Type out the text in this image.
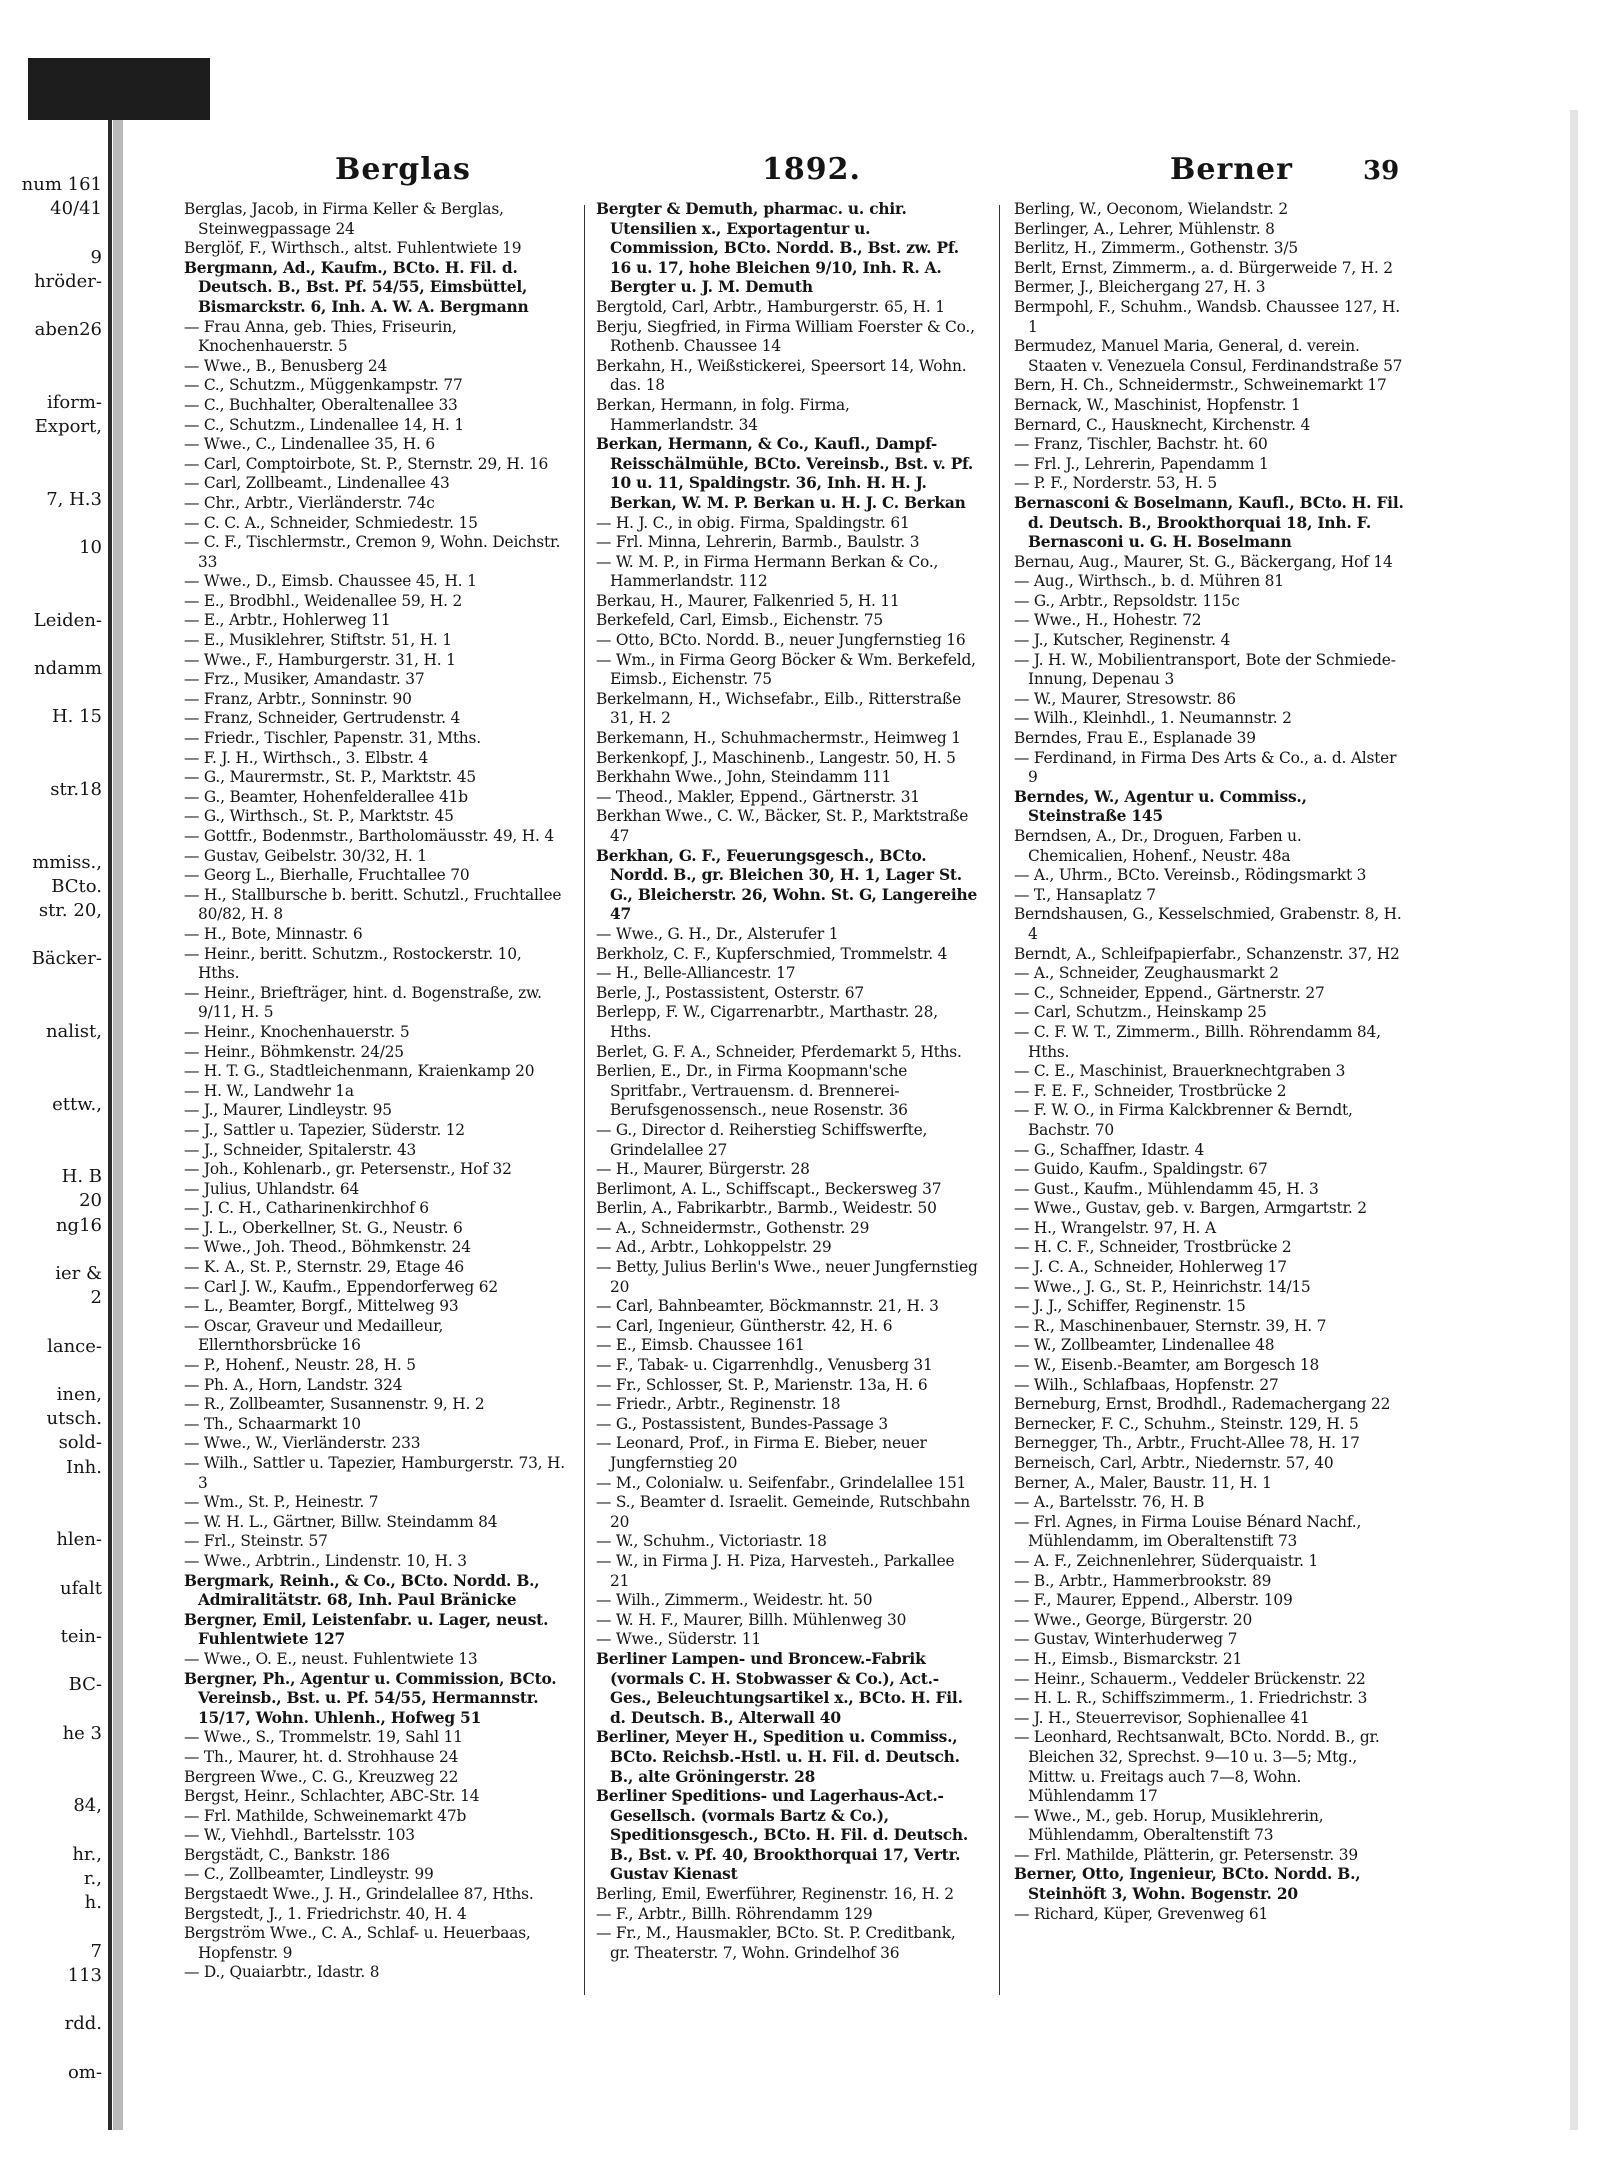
num 161
40/41
9
hröder-
aben26
iform-
Export,
7, H.3
10
Leiden-
ndamm
H. 15
str.18
mmiss.,
BCto.
str. 20,
Bäcker-
nalist,
ettw.,
H. B
20
ng16
ier &
2
lance-
inen,
utsch.
sold-
Inh.
hlen-
ufalt
tein-
BC-
he 3
84,
hr.,
r.,
h.
7
113
rdd.
om-
Berglas	1892.	Berner	39

Berglas, Jacob, in Firma Keller & Berglas, Steinwegpassage 24

Berglöf, F., Wirthsch., altst. Fuhlentwiete 19

Bergmann, Ad., Kaufm., BCto. H. Fil. d. Deutsch. B., Bst. Pf. 54/55, Eimsbüttel, Bismarckstr. 6, Inh. A. W. A. Bergmann

— Frau Anna, geb. Thies, Friseurin, Knochenhauerstr. 5

— Wwe., B., Benusberg 24

— C., Schutzm., Müggenkampstr. 77

— C., Buchhalter, Oberaltenallee 33

— C., Schutzm., Lindenallee 14, H. 1

— Wwe., C., Lindenallee 35, H. 6

— Carl, Comptoirbote, St. P., Sternstr. 29, H. 16

— Carl, Zollbeamt., Lindenallee 43

— Chr., Arbtr., Vierländerstr. 74c

— C. C. A., Schneider, Schmiedestr. 15

— C. F., Tischlermstr., Cremon 9, Wohn. Deichstr. 33

— Wwe., D., Eimsb. Chaussee 45, H. 1

— E., Brodbhl., Weidenallee 59, H. 2

— E., Arbtr., Hohlerweg 11

— E., Musiklehrer, Stiftstr. 51, H. 1

— Wwe., F., Hamburgerstr. 31, H. 1

— Frz., Musiker, Amandastr. 37

— Franz, Arbtr., Sonninstr. 90

— Franz, Schneider, Gertrudenstr. 4

— Friedr., Tischler, Papenstr. 31, Mths.

— F. J. H., Wirthsch., 3. Elbstr. 4

— G., Maurermstr., St. P., Marktstr. 45

— G., Beamter, Hohenfelderallee 41b

— G., Wirthsch., St. P., Marktstr. 45

— Gottfr., Bodenmstr., Bartholomäusstr. 49, H. 4

— Gustav, Geibelstr. 30/32, H. 1

— Georg L., Bierhalle, Fruchtallee 70

— H., Stallbursche b. beritt. Schutzl., Fruchtallee 80/82, H. 8

— H., Bote, Minnastr. 6

— Heinr., beritt. Schutzm., Rostockerstr. 10, Hths.

— Heinr., Briefträger, hint. d. Bogenstraße, zw. 9/11, H. 5

— Heinr., Knochenhauerstr. 5

— Heinr., Böhmkenstr. 24/25

— H. T. G., Stadtleichenmann, Kraienkamp 20

— H. W., Landwehr 1a

— J., Maurer, Lindleystr. 95

— J., Sattler u. Tapezier, Süderstr. 12

— J., Schneider, Spitalerstr. 43

— Joh., Kohlenarb., gr. Petersenstr., Hof 32

— Julius, Uhlandstr. 64

— J. C. H., Catharinenkirchhof 6

— J. L., Oberkellner, St. G., Neustr. 6

— Wwe., Joh. Theod., Böhmkenstr. 24

— K. A., St. P., Sternstr. 29, Etage 46

— Carl J. W., Kaufm., Eppendorferweg 62

— L., Beamter, Borgf., Mittelweg 93

— Oscar, Graveur und Medailleur, Ellernthorsbrücke 16

— P., Hohenf., Neustr. 28, H. 5

— Ph. A., Horn, Landstr. 324

— R., Zollbeamter, Susannenstr. 9, H. 2

— Th., Schaarmarkt 10

— Wwe., W., Vierländerstr. 233

— Wilh., Sattler u. Tapezier, Hamburgerstr. 73, H. 3

— Wm., St. P., Heinestr. 7

— W. H. L., Gärtner, Billw. Steindamm 84

— Frl., Steinstr. 57

— Wwe., Arbtrin., Lindenstr. 10, H. 3

Bergmark, Reinh., & Co., BCto. Nordd. B., Admiralitätstr. 68, Inh. Paul Bränicke

Bergner, Emil, Leistenfabr. u. Lager, neust. Fuhlentwiete 127

— Wwe., O. E., neust. Fuhlentwiete 13

Bergner, Ph., Agentur u. Commission, BCto. Vereinsb., Bst. u. Pf. 54/55, Hermannstr. 15/17, Wohn. Uhlenh., Hofweg 51

— Wwe., S., Trommelstr. 19, Sahl 11

— Th., Maurer, ht. d. Strohhause 24

Bergreen Wwe., C. G., Kreuzweg 22

Bergst, Heinr., Schlachter, ABC-Str. 14

— Frl. Mathilde, Schweinemarkt 47b

— W., Viehhdl., Bartelsstr. 103

Bergstädt, C., Bankstr. 186

— C., Zollbeamter, Lindleystr. 99

Bergstaedt Wwe., J. H., Grindelallee 87, Hths.

Bergstedt, J., 1. Friedrichstr. 40, H. 4

Bergström Wwe., C. A., Schlaf- u. Heuerbaas, Hopfenstr. 9

— D., Quaiarbtr., Idastr. 8

Bergter & Demuth, pharmac. u. chir. Utensilien x., Exportagentur u. Commission, BCto. Nordd. B., Bst. zw. Pf. 16 u. 17, hohe Bleichen 9/10, Inh. R. A. Bergter u. J. M. Demuth

Bergtold, Carl, Arbtr., Hamburgerstr. 65, H. 1

Berju, Siegfried, in Firma William Foerster & Co., Rothenb. Chaussee 14

Berkahn, H., Weißstickerei, Speersort 14, Wohn. das. 18

Berkan, Hermann, in folg. Firma, Hammerlandstr. 34

Berkan, Hermann, & Co., Kaufl., Dampf-Reisschälmühle, BCto. Vereinsb., Bst. v. Pf. 10 u. 11, Spaldingstr. 36, Inh. H. H. J. Berkan, W. M. P. Berkan u. H. J. C. Berkan

— H. J. C., in obig. Firma, Spaldingstr. 61

— Frl. Minna, Lehrerin, Barmb., Baulstr. 3

— W. M. P., in Firma Hermann Berkan & Co., Hammerlandstr. 112

Berkau, H., Maurer, Falkenried 5, H. 11

Berkefeld, Carl, Eimsb., Eichenstr. 75

— Otto, BCto. Nordd. B., neuer Jungfernstieg 16

— Wm., in Firma Georg Böcker & Wm. Berkefeld, Eimsb., Eichenstr. 75

Berkelmann, H., Wichsefabr., Eilb., Ritterstraße 31, H. 2

Berkemann, H., Schuhmachermstr., Heimweg 1

Berkenkopf, J., Maschinenb., Langestr. 50, H. 5

Berkhahn Wwe., John, Steindamm 111

— Theod., Makler, Eppend., Gärtnerstr. 31

Berkhan Wwe., C. W., Bäcker, St. P., Marktstraße 47

Berkhan, G. F., Feuerungsgesch., BCto. Nordd. B., gr. Bleichen 30, H. 1, Lager St. G., Bleicherstr. 26, Wohn. St. G, Langereihe 47

— Wwe., G. H., Dr., Alsterufer 1

Berkholz, C. F., Kupferschmied, Trommelstr. 4

— H., Belle-Alliancestr. 17

Berle, J., Postassistent, Osterstr. 67

Berlepp, F. W., Cigarrenarbtr., Marthastr. 28, Hths.

Berlet, G. F. A., Schneider, Pferdemarkt 5, Hths.

Berlien, E., Dr., in Firma Koopmann'sche Spritfabr., Vertrauensm. d. Brennerei-Berufsgenossensch., neue Rosenstr. 36

— G., Director d. Reiherstieg Schiffswerfte, Grindelallee 27

— H., Maurer, Bürgerstr. 28

Berlimont, A. L., Schiffscapt., Beckersweg 37

Berlin, A., Fabrikarbtr., Barmb., Weidestr. 50

— A., Schneidermstr., Gothenstr. 29

— Ad., Arbtr., Lohkoppelstr. 29

— Betty, Julius Berlin's Wwe., neuer Jungfernstieg 20

— Carl, Bahnbeamter, Böckmannstr. 21, H. 3

— Carl, Ingenieur, Güntherstr. 42, H. 6

— E., Eimsb. Chaussee 161

— F., Tabak- u. Cigarrenhdlg., Venusberg 31

— Fr., Schlosser, St. P., Marienstr. 13a, H. 6

— Friedr., Arbtr., Reginenstr. 18

— G., Postassistent, Bundes-Passage 3

— Leonard, Prof., in Firma E. Bieber, neuer Jungfernstieg 20

— M., Colonialw. u. Seifenfabr., Grindelallee 151

— S., Beamter d. Israelit. Gemeinde, Rutschbahn 20

— W., Schuhm., Victoriastr. 18

— W., in Firma J. H. Piza, Harvesteh., Parkallee 21

— Wilh., Zimmerm., Weidestr. ht. 50

— W. H. F., Maurer, Billh. Mühlenweg 30

— Wwe., Süderstr. 11

Berliner Lampen- und Broncew.-Fabrik (vormals C. H. Stobwasser & Co.), Act.-Ges., Beleuchtungsartikel x., BCto. H. Fil. d. Deutsch. B., Alterwall 40

Berliner, Meyer H., Spedition u. Commiss., BCto. Reichsb.-Hstl. u. H. Fil. d. Deutsch. B., alte Gröningerstr. 28

Berliner Speditions- und Lagerhaus-Act.-Gesellsch. (vormals Bartz & Co.), Speditionsgesch., BCto. H. Fil. d. Deutsch. B., Bst. v. Pf. 40, Brookthorquai 17, Vertr. Gustav Kienast

Berling, Emil, Ewerführer, Reginenstr. 16, H. 2

— F., Arbtr., Billh. Röhrendamm 129

— Fr., M., Hausmakler, BCto. St. P. Creditbank, gr. Theaterstr. 7, Wohn. Grindelhof 36

Berling, W., Oeconom, Wielandstr. 2

Berlinger, A., Lehrer, Mühlenstr. 8

Berlitz, H., Zimmerm., Gothenstr. 3/5

Berlt, Ernst, Zimmerm., a. d. Bürgerweide 7, H. 2

Bermer, J., Bleichergang 27, H. 3

Bermpohl, F., Schuhm., Wandsb. Chaussee 127, H. 1

Bermudez, Manuel Maria, General, d. verein. Staaten v. Venezuela Consul, Ferdinandstraße 57

Bern, H. Ch., Schneidermstr., Schweinemarkt 17

Bernack, W., Maschinist, Hopfenstr. 1

Bernard, C., Hausknecht, Kirchenstr. 4

— Franz, Tischler, Bachstr. ht. 60

— Frl. J., Lehrerin, Papendamm 1

— P. F., Norderstr. 53, H. 5

Bernasconi & Boselmann, Kaufl., BCto. H. Fil. d. Deutsch. B., Brookthorquai 18, Inh. F. Bernasconi u. G. H. Boselmann

Bernau, Aug., Maurer, St. G., Bäckergang, Hof 14

— Aug., Wirthsch., b. d. Mühren 81

— G., Arbtr., Repsoldstr. 115c

— Wwe., H., Hohestr. 72

— J., Kutscher, Reginenstr. 4

— J. H. W., Mobilientransport, Bote der Schmiede-Innung, Depenau 3

— W., Maurer, Stresowstr. 86

— Wilh., Kleinhdl., 1. Neumannstr. 2

Berndes, Frau E., Esplanade 39

— Ferdinand, in Firma Des Arts & Co., a. d. Alster 9

Berndes, W., Agentur u. Commiss., Steinstraße 145

Berndsen, A., Dr., Droguen, Farben u. Chemicalien, Hohenf., Neustr. 48a

— A., Uhrm., BCto. Vereinsb., Rödingsmarkt 3

— T., Hansaplatz 7

Berndshausen, G., Kesselschmied, Grabenstr. 8, H. 4

Berndt, A., Schleifpapierfabr., Schanzenstr. 37, H2

— A., Schneider, Zeughausmarkt 2

— C., Schneider, Eppend., Gärtnerstr. 27

— Carl, Schutzm., Heinskamp 25

— C. F. W. T., Zimmerm., Billh. Röhrendamm 84, Hths.

— C. E., Maschinist, Brauerknechtgraben 3

— F. E. F., Schneider, Trostbrücke 2

— F. W. O., in Firma Kalckbrenner & Berndt, Bachstr. 70

— G., Schaffner, Idastr. 4

— Guido, Kaufm., Spaldingstr. 67

— Gust., Kaufm., Mühlendamm 45, H. 3

— Wwe., Gustav, geb. v. Bargen, Armgartstr. 2

— H., Wrangelstr. 97, H. A

— H. C. F., Schneider, Trostbrücke 2

— J. C. A., Schneider, Hohlerweg 17

— Wwe., J. G., St. P., Heinrichstr. 14/15

— J. J., Schiffer, Reginenstr. 15

— R., Maschinenbauer, Sternstr. 39, H. 7

— W., Zollbeamter, Lindenallee 48

— W., Eisenb.-Beamter, am Borgesch 18

— Wilh., Schlafbaas, Hopfenstr. 27

Berneburg, Ernst, Brodhdl., Rademachergang 22

Bernecker, F. C., Schuhm., Steinstr. 129, H. 5

Bernegger, Th., Arbtr., Frucht-Allee 78, H. 17

Berneisch, Carl, Arbtr., Niedernstr. 57, 40

Berner, A., Maler, Baustr. 11, H. 1

— A., Bartelsstr. 76, H. B

— Frl. Agnes, in Firma Louise Bénard Nachf., Mühlendamm, im Oberaltenstift 73

— A. F., Zeichnenlehrer, Süderquaistr. 1

— B., Arbtr., Hammerbrookstr. 89

— F., Maurer, Eppend., Alberstr. 109

— Wwe., George, Bürgerstr. 20

— Gustav, Winterhuderweg 7

— H., Eimsb., Bismarckstr. 21

— Heinr., Schauerm., Veddeler Brückenstr. 22

— H. L. R., Schiffszimmerm., 1. Friedrichstr. 3

— J. H., Steuerrevisor, Sophienallee 41

— Leonhard, Rechtsanwalt, BCto. Nordd. B., gr. Bleichen 32, Sprechst. 9—10 u. 3—5; Mtg., Mittw. u. Freitags auch 7—8, Wohn. Mühlendamm 17

— Wwe., M., geb. Horup, Musiklehrerin, Mühlendamm, Oberaltenstift 73

— Frl. Mathilde, Plätterin, gr. Petersenstr. 39

Berner, Otto, Ingenieur, BCto. Nordd. B., Steinhöft 3, Wohn. Bogenstr. 20

— Richard, Küper, Grevenweg 61
